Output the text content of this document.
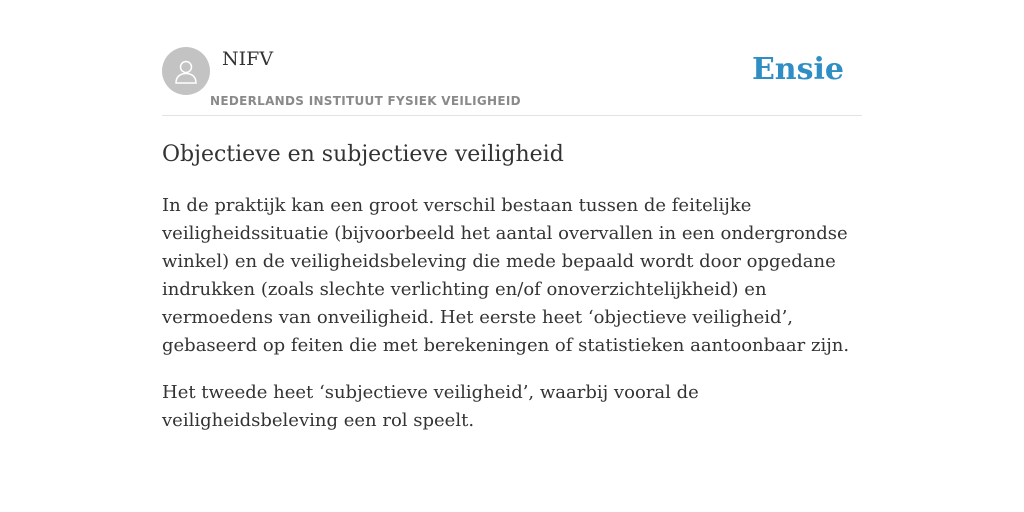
NIFV
NEDERLANDS INSTITUUT FYSIEK VEILIGHEID
Ensie
Objectieve en subjectieve veiligheid

In de praktijk kan een groot verschil bestaan tussen de feitelijke veiligheidssituatie (bijvoorbeeld het aantal overvallen in een ondergrondse winkel) en de veiligheidsbeleving die mede bepaald wordt door opgedane indrukken (zoals slechte verlichting en/of onoverzichtelijkheid) en vermoedens van onveiligheid. Het eerste heet ‘objectieve veiligheid’, gebaseerd op feiten die met berekeningen of statistieken aantoonbaar zijn.

Het tweede heet ‘subjectieve veiligheid’, waarbij vooral de veiligheidsbeleving een rol speelt.
